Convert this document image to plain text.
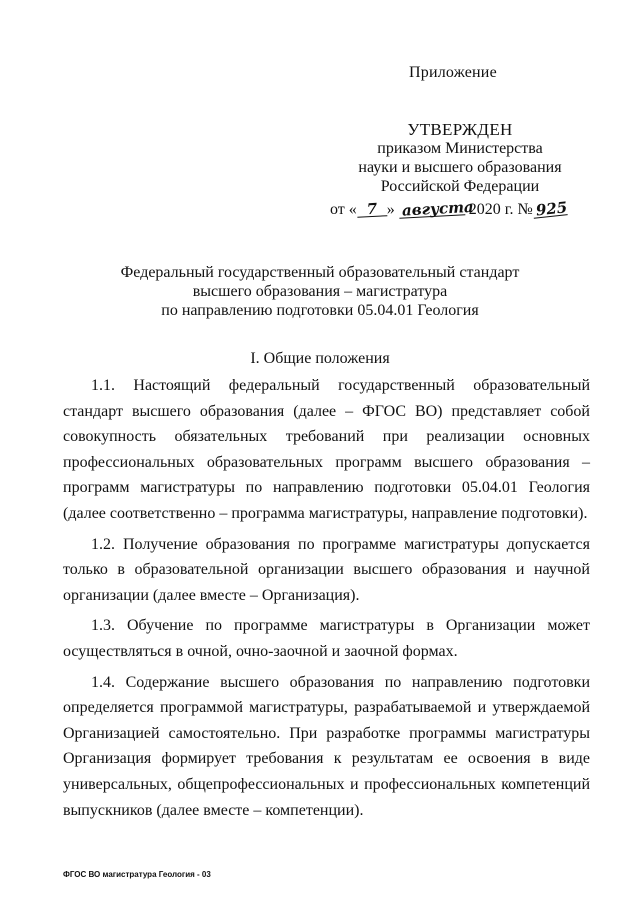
Приложение
УТВЕРЖДЕН
приказом Министерства
науки и высшего образования
Российской Федерации
от « 7 » августа 2020 г. № 925
Федеральный государственный образовательный стандарт
высшего образования – магистратура
по направлению подготовки 05.04.01 Геология
I. Общие положения

1.1. Настоящий федеральный государственный образовательный стандарт высшего образования (далее – ФГОС ВО) представляет собой совокупность обязательных требований при реализации основных профессиональных образовательных программ высшего образования – программ магистратуры по направлению подготовки 05.04.01 Геология (далее соответственно – программа магистратуры, направление подготовки).

1.2. Получение образования по программе магистратуры допускается только в образовательной организации высшего образования и научной организации (далее вместе – Организация).

1.3. Обучение по программе магистратуры в Организации может осуществляться в очной, очно-заочной и заочной формах.

1.4. Содержание высшего образования по направлению подготовки определяется программой магистратуры, разрабатываемой и утверждаемой Организацией самостоятельно. При разработке программы магистратуры Организация формирует требования к результатам ее освоения в виде универсальных, общепрофессиональных и профессиональных компетенций выпускников (далее вместе – компетенции).

ФГОС ВО магистратура Геология - 03
